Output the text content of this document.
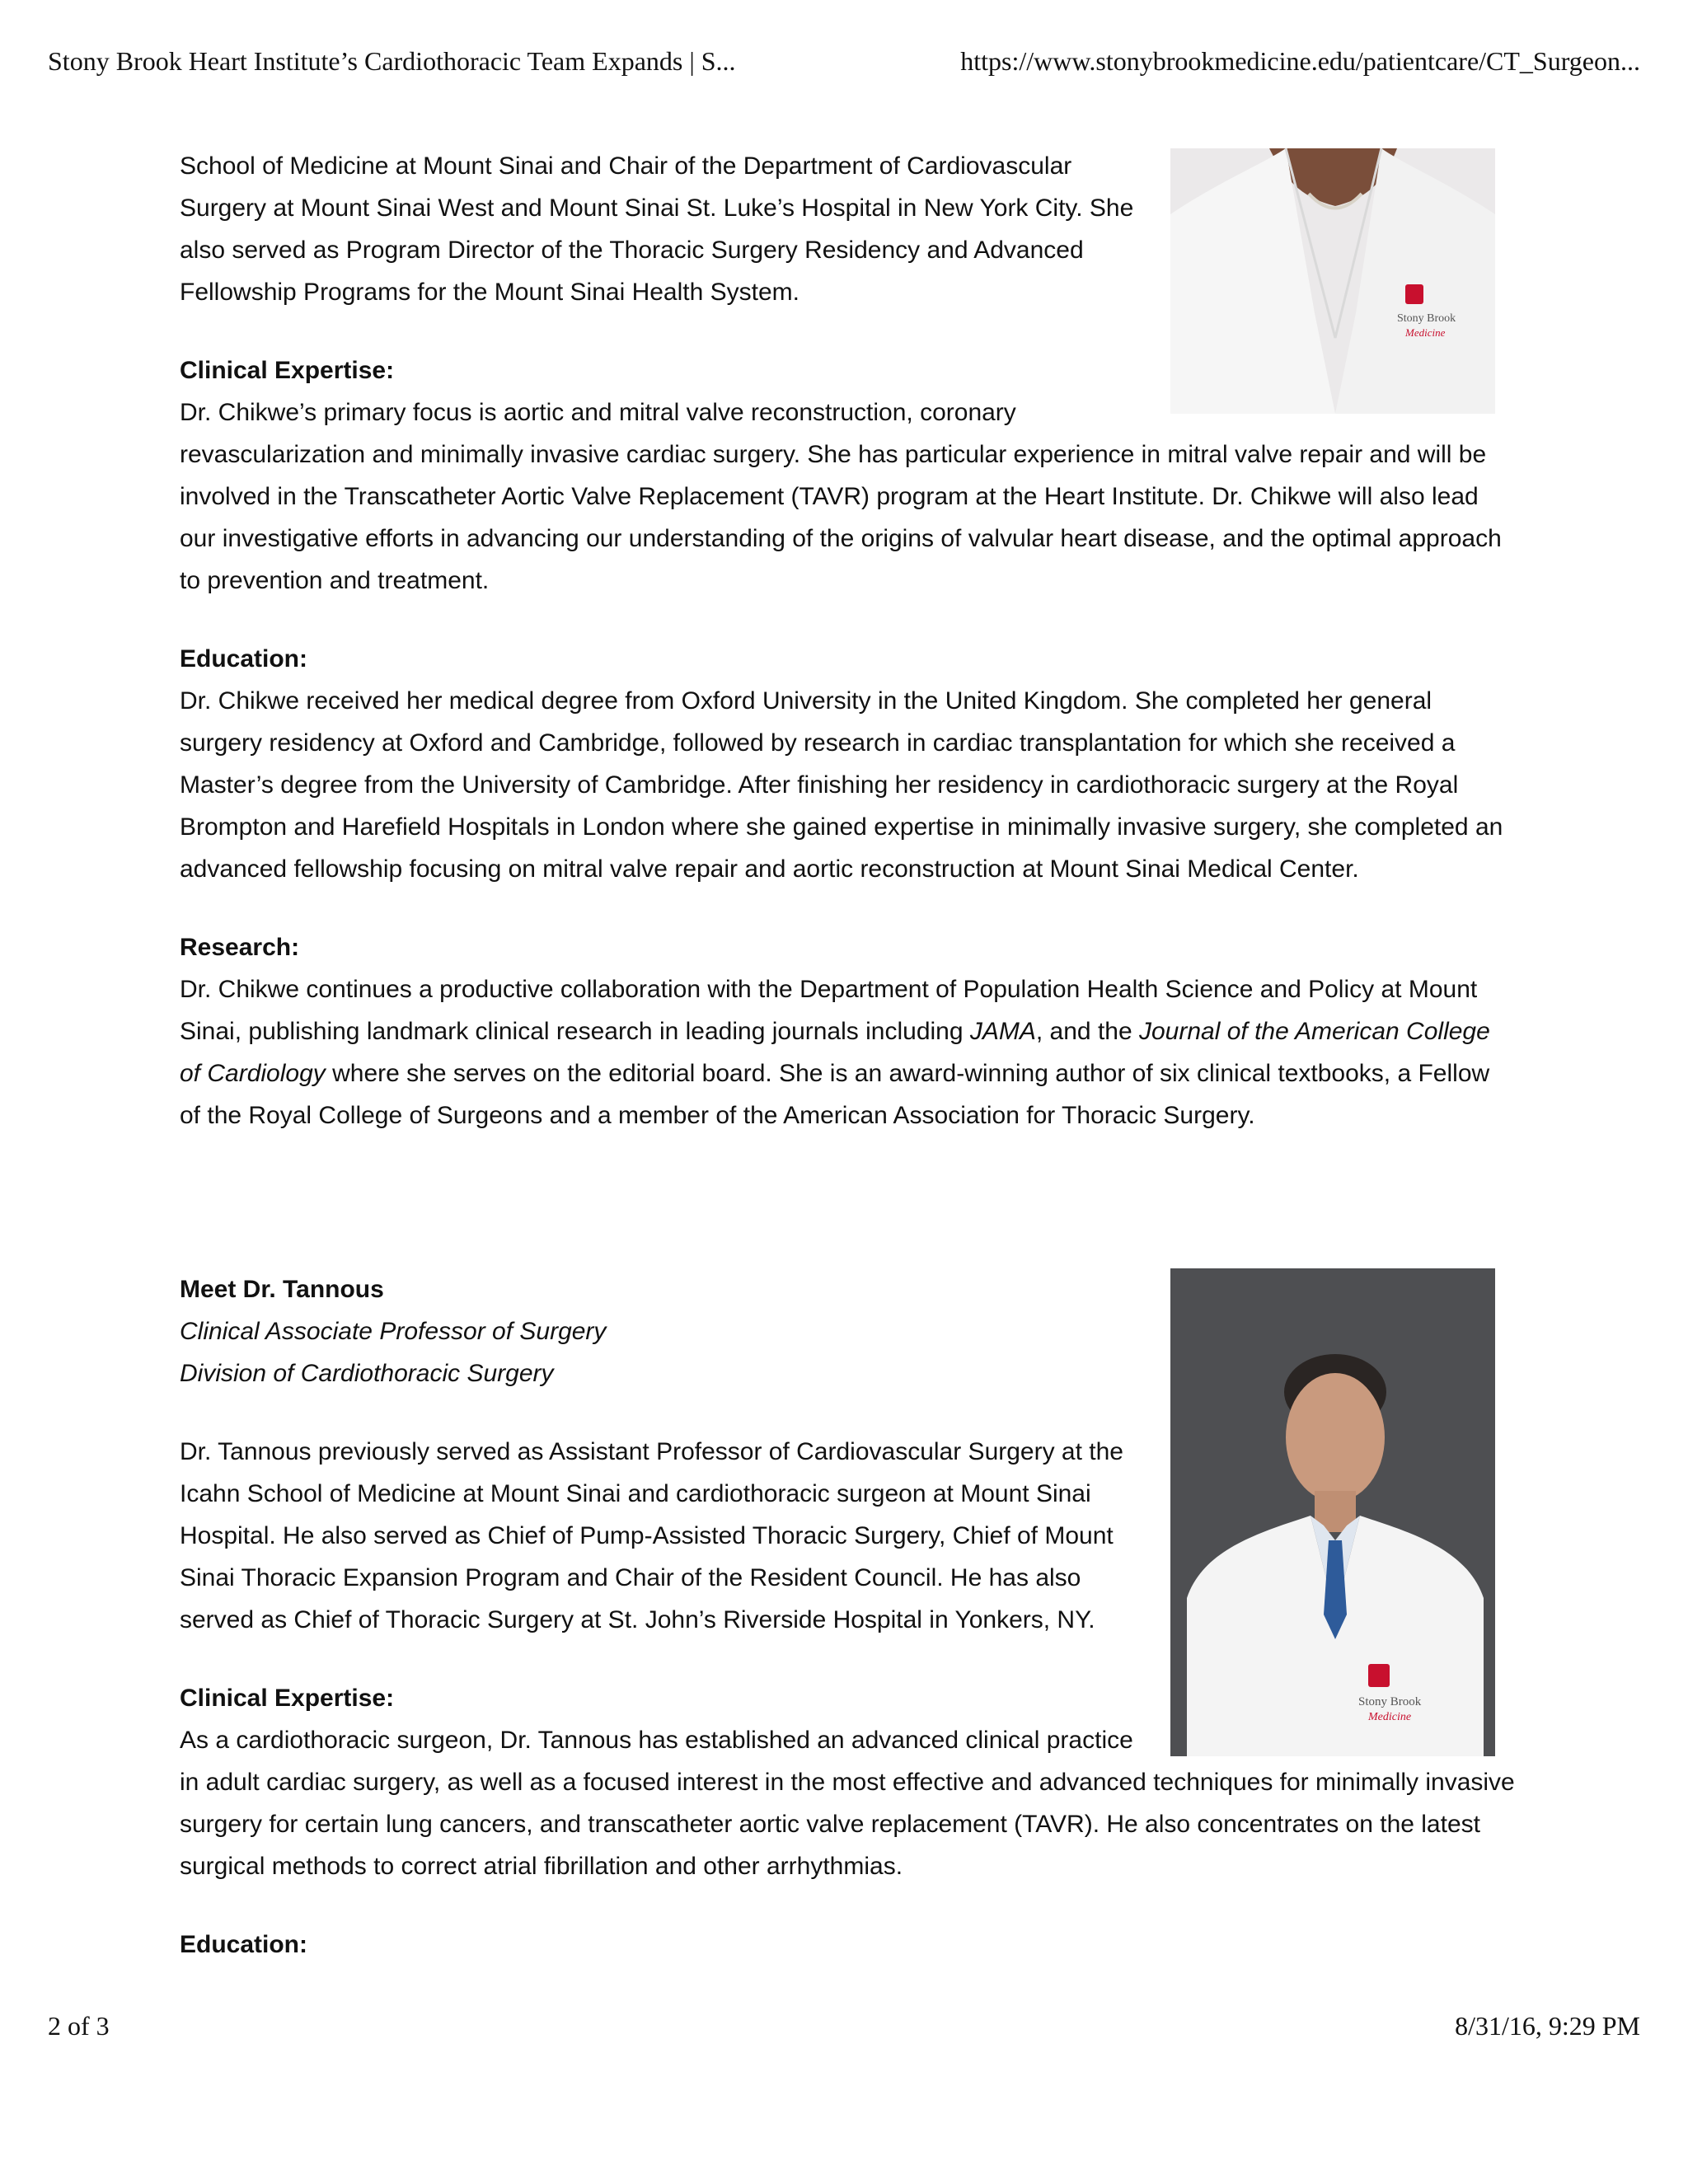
Stony Brook Heart Institute’s Cardiothoracic Team Expands | S...	https://www.stonybrookmedicine.edu/patientcare/CT_Surgeon...
Stony Brook
Medicine

School of Medicine at Mount Sinai and Chair of the Department of Cardiovascular Surgery at Mount Sinai West and Mount Sinai St. Luke’s Hospital in New York City. She also served as Program Director of the Thoracic Surgery Residency and Advanced Fellowship Programs for the Mount Sinai Health System.

Clinical Expertise:

Dr. Chikwe’s primary focus is aortic and mitral valve reconstruction, coronary revascularization and minimally invasive cardiac surgery. She has particular experience in mitral valve repair and will be involved in the Transcatheter Aortic Valve Replacement (TAVR) program at the Heart Institute. Dr. Chikwe will also lead our investigative efforts in advancing our understanding of the origins of valvular heart disease, and the optimal approach to prevention and treatment.

Education:

Dr. Chikwe received her medical degree from Oxford University in the United Kingdom. She completed her general surgery residency at Oxford and Cambridge, followed by research in cardiac transplantation for which she received a Master’s degree from the University of Cambridge. After finishing her residency in cardiothoracic surgery at the Royal Brompton and Harefield Hospitals in London where she gained expertise in minimally invasive surgery, she completed an advanced fellowship focusing on mitral valve repair and aortic reconstruction at Mount Sinai Medical Center.

Research:

Dr. Chikwe continues a productive collaboration with the Department of Population Health Science and Policy at Mount Sinai, publishing landmark clinical research in leading journals including JAMA, and the Journal of the American College of Cardiology where she serves on the editorial board. She is an award-winning author of six clinical textbooks, a Fellow of the Royal College of Surgeons and a member of the American Association for Thoracic Surgery.

Stony Brook
Medicine

Meet Dr. Tannous

Clinical Associate Professor of Surgery

Division of Cardiothoracic Surgery

Dr. Tannous previously served as Assistant Professor of Cardiovascular Surgery at the Icahn School of Medicine at Mount Sinai and cardiothoracic surgeon at Mount Sinai Hospital. He also served as Chief of Pump-Assisted Thoracic Surgery, Chief of Mount Sinai Thoracic Expansion Program and Chair of the Resident Council. He has also served as Chief of Thoracic Surgery at St. John’s Riverside Hospital in Yonkers, NY.

Clinical Expertise:

As a cardiothoracic surgeon, Dr. Tannous has established an advanced clinical practice in adult cardiac surgery, as well as a focused interest in the most effective and advanced techniques for minimally invasive surgery for certain lung cancers, and transcatheter aortic valve replacement (TAVR). He also concentrates on the latest surgical methods to correct atrial fibrillation and other arrhythmias.

Education:

2 of 3	8/31/16, 9:29 PM
